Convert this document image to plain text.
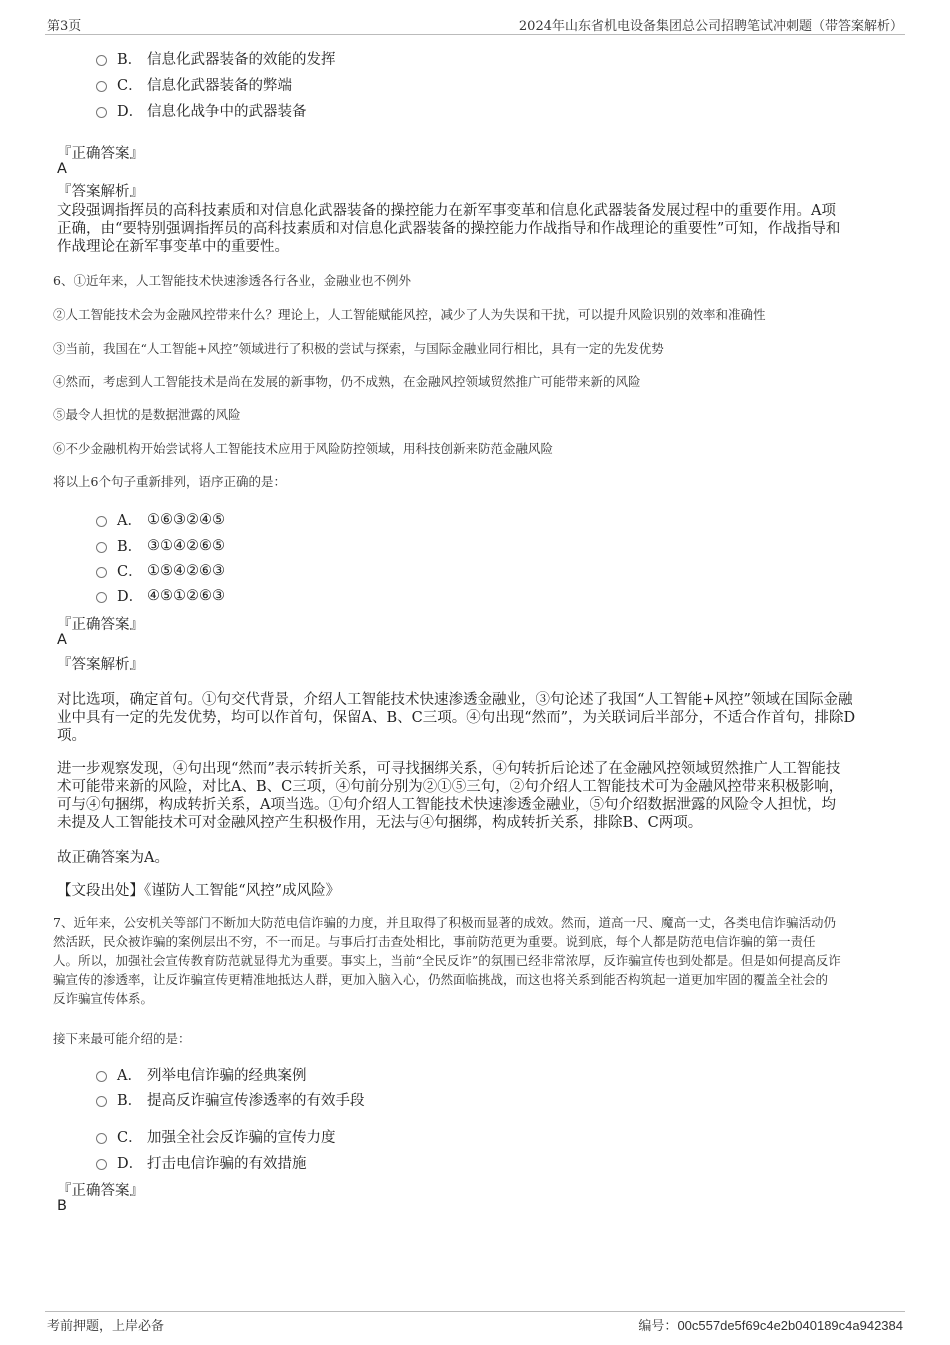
第3页	2024年山东省机电设备集团总公司招聘笔试冲刺题（带答案解析）
B． 信息化武器装备的效能的发挥
C． 信息化武器装备的弊端
D． 信息化战争中的武器装备
『正确答案』
A
『答案解析』
文段强调指挥员的高科技素质和对信息化武器装备的操控能力在新军事变革和信息化武器装备发展过程中的重要作用。A项
正确，由“要特别强调指挥员的高科技素质和对信息化武器装备的操控能力作战指导和作战理论的重要性”可知，作战指导和
作战理论在新军事变革中的重要性。
6、①近年来，人工智能技术快速渗透各行各业，金融业也不例外
②人工智能技术会为金融风控带来什么？理论上，人工智能赋能风控，减少了人为失误和干扰，可以提升风险识别的效率和准确性
③当前，我国在“人工智能+风控”领域进行了积极的尝试与探索，与国际金融业同行相比，具有一定的先发优势
④然而，考虑到人工智能技术是尚在发展的新事物，仍不成熟，在金融风控领域贸然推广可能带来新的风险
⑤最令人担忧的是数据泄露的风险
⑥不少金融机构开始尝试将人工智能技术应用于风险防控领域，用科技创新来防范金融风险
将以上6个句子重新排列，语序正确的是：
A． ①⑥③②④⑤
B． ③①④②⑥⑤
C． ①⑤④②⑥③
D． ④⑤①②⑥③
『正确答案』
A
『答案解析』
对比选项，确定首句。①句交代背景，介绍人工智能技术快速渗透金融业，③句论述了我国“人工智能+风控”领域在国际金融
业中具有一定的先发优势，均可以作首句，保留A、B、C三项。④句出现“然而”，为关联词后半部分，不适合作首句，排除D
项。
进一步观察发现，④句出现“然而”表示转折关系，可寻找捆绑关系，④句转折后论述了在金融风控领域贸然推广人工智能技
术可能带来新的风险，对比A、B、C三项，④句前分别为②①⑤三句，②句介绍人工智能技术可为金融风控带来积极影响，
可与④句捆绑，构成转折关系，A项当选。①句介绍人工智能技术快速渗透金融业，⑤句介绍数据泄露的风险令人担忧，均
未提及人工智能技术可对金融风控产生积极作用，无法与④句捆绑，构成转折关系，排除B、C两项。
故正确答案为A。
【文段出处】《谨防人工智能“风控”成风险》
7、近年来，公安机关等部门不断加大防范电信诈骗的力度，并且取得了积极而显著的成效。然而，道高一尺、魔高一丈，各类电信诈骗活动仍
然活跃，民众被诈骗的案例层出不穷，不一而足。与事后打击查处相比，事前防范更为重要。说到底，每个人都是防范电信诈骗的第一责任
人。所以，加强社会宣传教育防范就显得尤为重要。事实上，当前“全民反诈”的氛围已经非常浓厚，反诈骗宣传也到处都是。但是如何提高反诈
骗宣传的渗透率，让反诈骗宣传更精准地抵达人群，更加入脑入心，仍然面临挑战，而这也将关系到能否构筑起一道更加牢固的覆盖全社会的
反诈骗宣传体系。
接下来最可能介绍的是：
A． 列举电信诈骗的经典案例
B． 提高反诈骗宣传渗透率的有效手段
C． 加强全社会反诈骗的宣传力度
D． 打击电信诈骗的有效措施
『正确答案』
B
考前押题，上岸必备	编号：00c557de5f69c4e2b040189c4a942384
